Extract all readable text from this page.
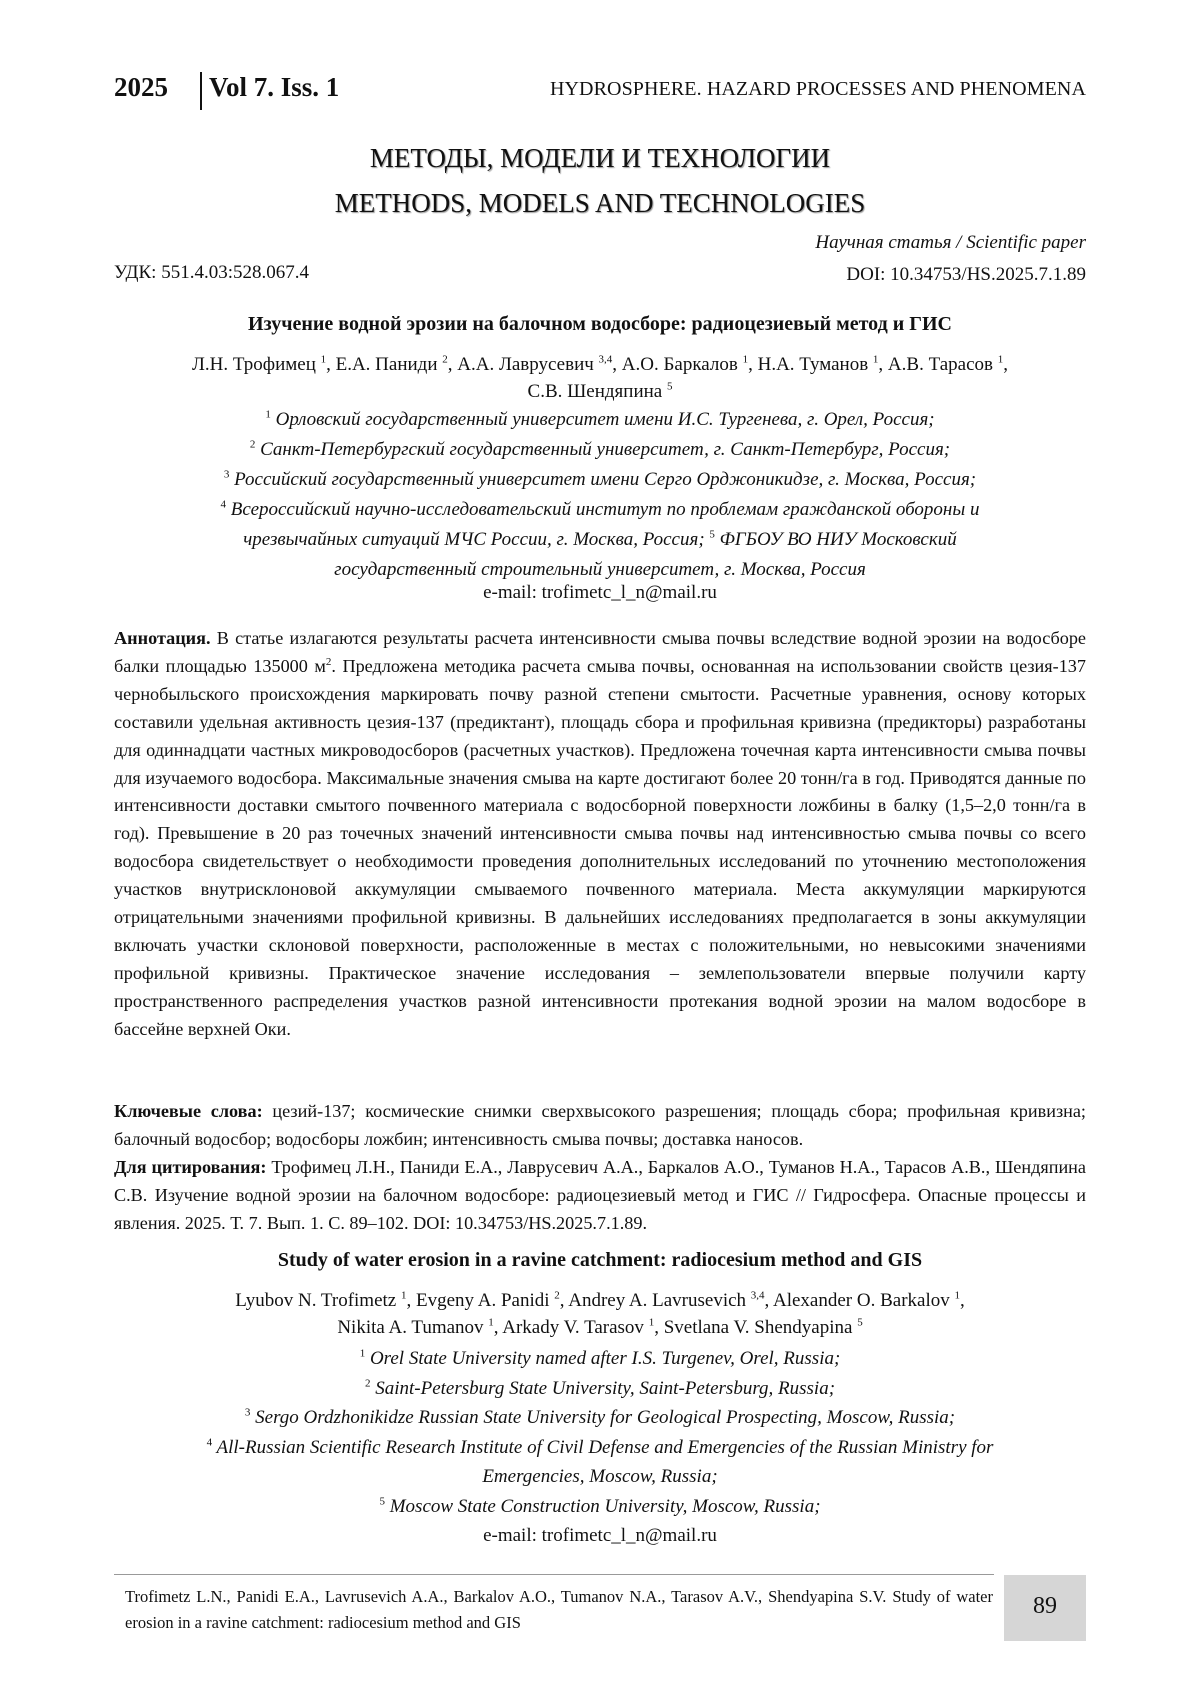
2025 Vol 7. Iss. 1	HYDROSPHERE. HAZARD PROCESSES AND PHENOMENA
МЕТОДЫ, МОДЕЛИ И ТЕХНОЛОГИИ
METHODS, MODELS AND TECHNOLOGIES
Научная статья / Scientific paper
УДК: 551.4.03:528.067.4	DOI: 10.34753/HS.2025.7.1.89
Изучение водной эрозии на балочном водосборе: радиоцезиевый метод и ГИС
Л.Н. Трофимец $^1$, Е.А. Паниди $^2$, А.А. Лаврусевич $^{3,4}$, А.О. Баркалов $^1$, Н.А. Туманов $^1$, А.В. Тарасов $^1$,
С.В. Шендяпина $^5$
$^1$ Орловский государственный университет имени И.С. Тургенева, г. Орел, Россия;
$^2$ Санкт-Петербургский государственный университет, г. Санкт-Петербург, Россия;
$^3$ Российский государственный университет имени Серго Орджоникидзе, г. Москва, Россия;
$^4$ Всероссийский научно-исследовательский институт по проблемам гражданской обороны и
чрезвычайных ситуаций МЧС России, г. Москва, Россия; $^5$ ФГБОУ ВО НИУ Московский
государственный строительный университет, г. Москва, Россия
e-mail: trofimetc_l_n@mail.ru
Аннотация. В статье излагаются результаты расчета интенсивности смыва почвы вследствие водной эрозии на водосборе балки площадью 135000 $м^2$. Предложена методика расчета смыва почвы, основанная на использовании свойств цезия-137 чернобыльского происхождения маркировать почву разной степени смытости. Расчетные уравнения, основу которых составили удельная активность цезия-137 (предиктант), площадь сбора и профильная кривизна (предикторы) разработаны для одиннадцати частных микроводосборов (расчетных участков). Предложена точечная карта интенсивности смыва почвы для изучаемого водосбора. Максимальные значения смыва на карте достигают более 20 тонн/га в год. Приводятся данные по интенсивности доставки смытого почвенного материала с водосборной поверхности ложбины в балку (1,5–2,0 тонн/га в год). Превышение в 20 раз точечных значений интенсивности смыва почвы над интенсивностью смыва почвы со всего водосбора свидетельствует о необходимости проведения дополнительных исследований по уточнению местоположения участков внутрисклоновой аккумуляции смываемого почвенного материала. Места аккумуляции маркируются отрицательными значениями профильной кривизны. В дальнейших исследованиях предполагается в зоны аккумуляции включать участки склоновой поверхности, расположенные в местах с положительными, но невысокими значениями профильной кривизны. Практическое значение исследования – землепользователи впервые получили карту пространственного распределения участков разной интенсивности протекания водной эрозии на малом водосборе в бассейне верхней Оки.
Ключевые слова: цезий-137; космические снимки сверхвысокого разрешения; площадь сбора; профильная кривизна; балочный водосбор; водосборы ложбин; интенсивность смыва почвы; доставка наносов.
Для цитирования: Трофимец Л.Н., Паниди Е.А., Лаврусевич А.А., Баркалов А.О., Туманов Н.А., Тарасов А.В., Шендяпина С.В. Изучение водной эрозии на балочном водосборе: радиоцезиевый метод и ГИС // Гидросфера. Опасные процессы и явления. 2025. Т. 7. Вып. 1. С. 89–102. DOI: 10.34753/HS.2025.7.1.89.
Study of water erosion in a ravine catchment: radiocesium method and GIS
Lyubov N. Trofimetz $^1$, Evgeny A. Panidi $^2$, Andrey A. Lavrusevich $^{3,4}$, Alexander O. Barkalov $^1$,
Nikita A. Tumanov $^1$, Arkady V. Tarasov $^1$, Svetlana V. Shendyapina $^5$
$^1$ Orel State University named after I.S. Turgenev, Orel, Russia;
$^2$ Saint-Petersburg State University, Saint-Petersburg, Russia;
$^3$ Sergo Ordzhonikidze Russian State University for Geological Prospecting, Moscow, Russia;
$^4$ All-Russian Scientific Research Institute of Civil Defense and Emergencies of the Russian Ministry for
Emergencies, Moscow, Russia;
$^5$ Moscow State Construction University, Moscow, Russia;
e-mail: trofimetc_l_n@mail.ru
Trofimetz L.N., Panidi E.A., Lavrusevich A.A., Barkalov A.O., Tumanov N.A., Tarasov A.V., Shendyapina S.V. Study of water erosion in a ravine catchment: radiocesium method and GIS
89
